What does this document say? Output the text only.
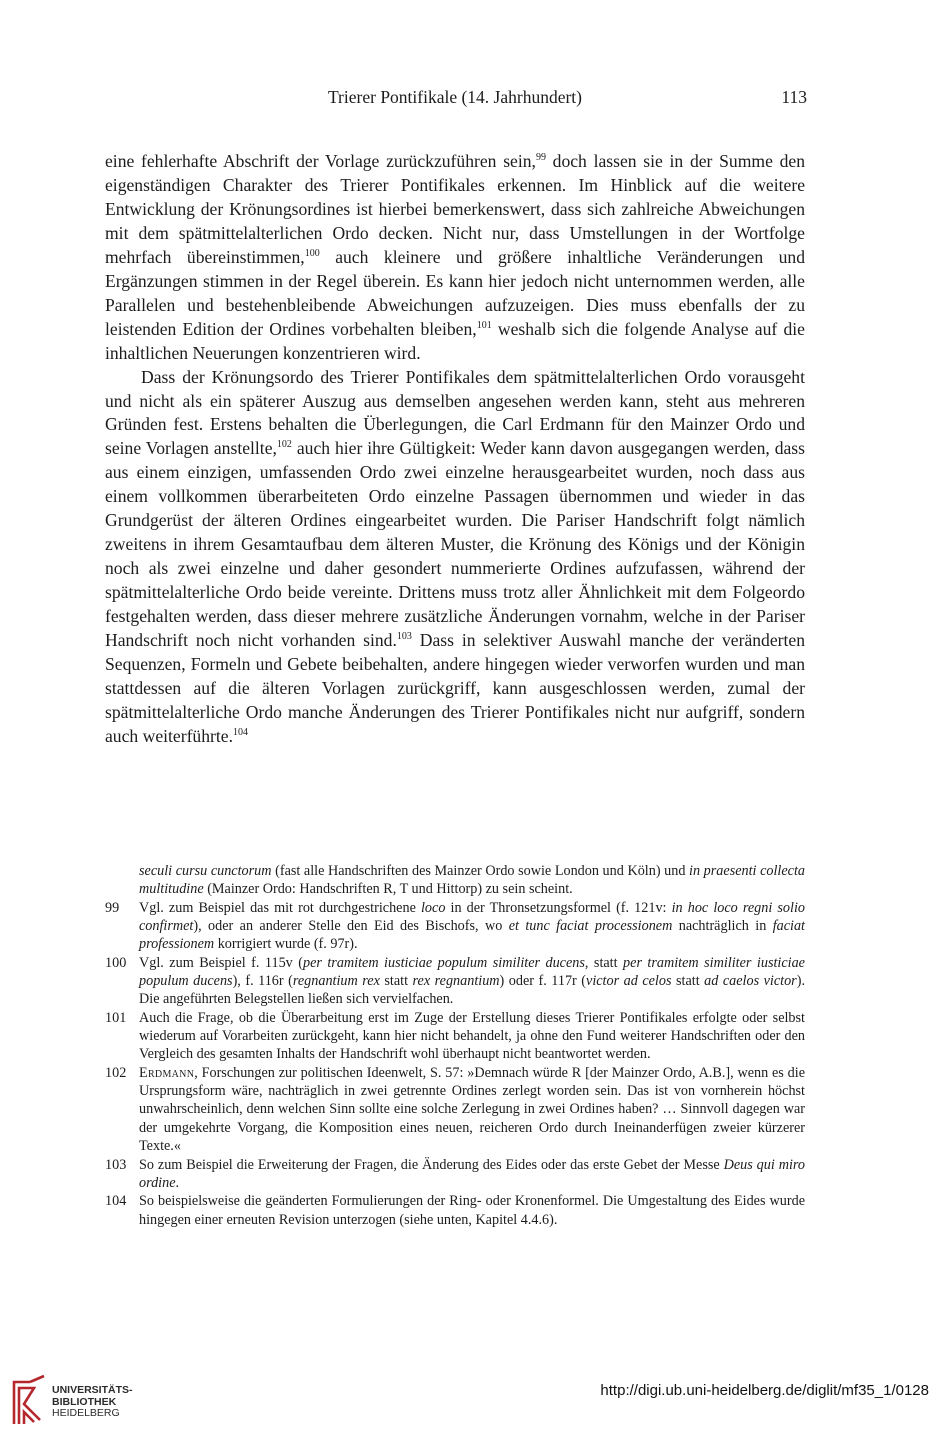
Trierer Pontifikale (14. Jahrhundert)	113

eine fehlerhafte Abschrift der Vorlage zurückzuführen sein,$^{99}$ doch lassen sie in der Summe den eigenständigen Charakter des Trierer Pontifikales erkennen. Im Hinblick auf die weitere Entwicklung der Krönungsordines ist hierbei bemerkenswert, dass sich zahlreiche Abweichungen mit dem spätmittelalterlichen Ordo decken. Nicht nur, dass Umstellungen in der Wortfolge mehrfach übereinstimmen,$^{100}$ auch kleinere und größere inhaltliche Veränderungen und Ergänzungen stimmen in der Regel überein. Es kann hier jedoch nicht unternommen werden, alle Parallelen und bestehenbleibende Abweichungen aufzuzeigen. Dies muss ebenfalls der zu leistenden Edition der Ordines vorbehalten bleiben,$^{101}$ weshalb sich die folgende Analyse auf die inhaltlichen Neuerungen konzentrieren wird.

Dass der Krönungsordo des Trierer Pontifikales dem spätmittelalterlichen Ordo vorausgeht und nicht als ein späterer Auszug aus demselben angesehen werden kann, steht aus mehreren Gründen fest. Erstens behalten die Überlegungen, die Carl Erdmann für den Mainzer Ordo und seine Vorlagen anstellte,$^{102}$ auch hier ihre Gültigkeit: Weder kann davon ausgegangen werden, dass aus einem einzigen, umfassenden Ordo zwei einzelne herausgearbeitet wurden, noch dass aus einem vollkommen überarbeiteten Ordo einzelne Passagen übernommen und wieder in das Grundgerüst der älteren Ordines eingearbeitet wurden. Die Pariser Handschrift folgt nämlich zweitens in ihrem Gesamtaufbau dem älteren Muster, die Krönung des Königs und der Königin noch als zwei einzelne und daher gesondert nummerierte Ordines aufzufassen, während der spätmittelalterliche Ordo beide vereinte. Drittens muss trotz aller Ähnlichkeit mit dem Folgeordo festgehalten werden, dass dieser mehrere zusätzliche Änderungen vornahm, welche in der Pariser Handschrift noch nicht vorhanden sind.$^{103}$ Dass in selektiver Auswahl manche der veränderten Sequenzen, Formeln und Gebete beibehalten, andere hingegen wieder verworfen wurden und man stattdessen auf die älteren Vorlagen zurückgriff, kann ausgeschlossen werden, zumal der spätmittelalterliche Ordo manche Änderungen des Trierer Pontifikales nicht nur aufgriff, sondern auch weiterführte.$^{104}$

seculi cursu cunctorum (fast alle Handschriften des Mainzer Ordo sowie London und Köln) und in praesenti collecta multitudine (Mainzer Ordo: Handschriften R, T und Hittorp) zu sein scheint.

99 Vgl. zum Beispiel das mit rot durchgestrichene loco in der Thronsetzungsformel (f. 121v: in hoc loco regni solio confirmet), oder an anderer Stelle den Eid des Bischofs, wo et tunc faciat processionem nachträglich in faciat professionem korrigiert wurde (f. 97r).

100 Vgl. zum Beispiel f. 115v (per tramitem iusticiae populum similiter ducens, statt per tramitem similiter iusticiae populum ducens), f. 116r (regnantium rex statt rex regnantium) oder f. 117r (victor ad celos statt ad caelos victor). Die angeführten Belegstellen ließen sich vervielfachen.

101 Auch die Frage, ob die Überarbeitung erst im Zuge der Erstellung dieses Trierer Pontifikales erfolgte oder selbst wiederum auf Vorarbeiten zurückgeht, kann hier nicht behandelt, ja ohne den Fund weiterer Handschriften oder den Vergleich des gesamten Inhalts der Handschrift wohl überhaupt nicht beantwortet werden.

102 Erdmann, Forschungen zur politischen Ideenwelt, S. 57: »Demnach würde R [der Mainzer Ordo, A.B.], wenn es die Ursprungsform wäre, nachträglich in zwei getrennte Ordines zerlegt worden sein. Das ist von vornherein höchst unwahrscheinlich, denn welchen Sinn sollte eine solche Zerlegung in zwei Ordines haben? … Sinnvoll dagegen war der umgekehrte Vorgang, die Komposition eines neuen, reicheren Ordo durch Ineinanderfügen zweier kürzerer Texte.«

103 So zum Beispiel die Erweiterung der Fragen, die Änderung des Eides oder das erste Gebet der Messe Deus qui miro ordine.

104 So beispielsweise die geänderten Formulierungen der Ring- oder Kronenformel. Die Umgestaltung des Eides wurde hingegen einer erneuten Revision unterzogen (siehe unten, Kapitel 4.4.6).

UNIVERSITÄTS-
BIBLIOTHEK
HEIDELBERG
http://digi.ub.uni-heidelberg.de/diglit/mf35_1/0128
